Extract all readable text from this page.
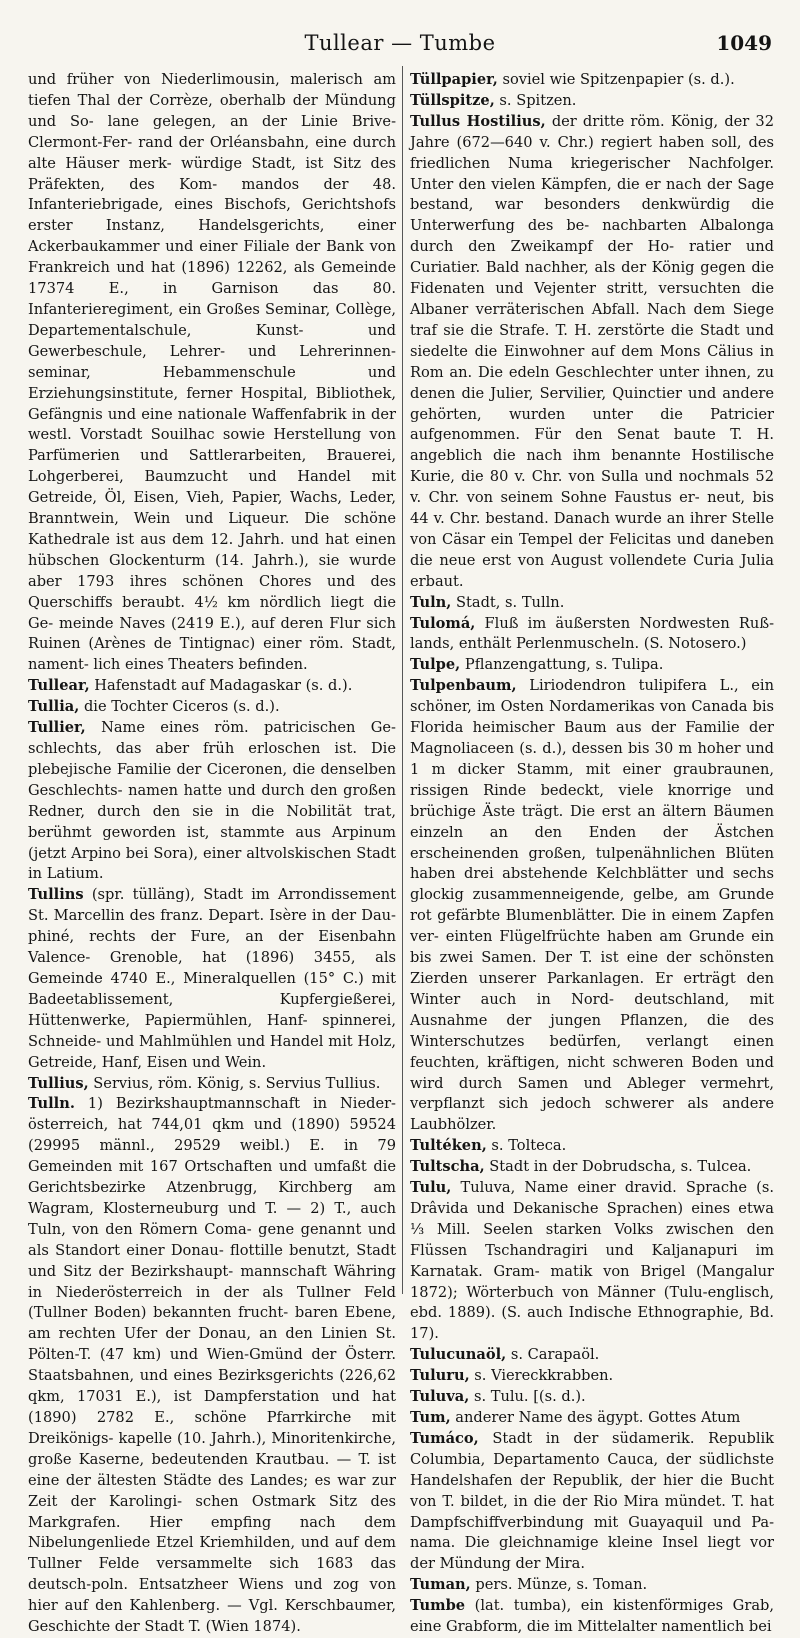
Tullear — Tumbe	1049

und früher von Niederlimousin, malerisch am tiefen Thal der Corrèze, oberhalb der Mündung und So- lane gelegen, an der Linie Brive-Clermont-Fer- rand der Orléansbahn, eine durch alte Häuser merk- würdige Stadt, ist Sitz des Präfekten, des Kom- mandos der 48. Infanteriebrigade, eines Bischofs, Gerichtshofs erster Instanz, Handelsgerichts, einer Ackerbaukammer und einer Filiale der Bank von Frankreich und hat (1896) 12262, als Gemeinde 17374 E., in Garnison das 80. Infanterieregiment, ein Großes Seminar, Collège, Departementalschule, Kunst- und Gewerbeschule, Lehrer- und Lehrerinnen- seminar, Hebammenschule und Erziehungsinstitute, ferner Hospital, Bibliothek, Gefängnis und eine nationale Waffenfabrik in der westl. Vorstadt Souilhac sowie Herstellung von Parfümerien und Sattlerarbeiten, Brauerei, Lohgerberei, Baumzucht und Handel mit Getreide, Öl, Eisen, Vieh, Papier, Wachs, Leder, Branntwein, Wein und Liqueur. Die schöne Kathedrale ist aus dem 12. Jahrh. und hat einen hübschen Glockenturm (14. Jahrh.), sie wurde aber 1793 ihres schönen Chores und des Querschiffs beraubt. 4½ km nördlich liegt die Ge- meinde Naves (2419 E.), auf deren Flur sich Ruinen (Arènes de Tintignac) einer röm. Stadt, nament- lich eines Theaters befinden.

Tullear, Hafenstadt auf Madagaskar (s. d.).

Tullia, die Tochter Ciceros (s. d.).

Tullier, Name eines röm. patricischen Ge- schlechts, das aber früh erloschen ist. Die plebejische Familie der Ciceronen, die denselben Geschlechts- namen hatte und durch den großen Redner, durch den sie in die Nobilität trat, berühmt geworden ist, stammte aus Arpinum (jetzt Arpino bei Sora), einer altvolskischen Stadt in Latium.

Tullins (spr. tülläng), Stadt im Arrondissement St. Marcellin des franz. Depart. Isère in der Dau- phiné, rechts der Fure, an der Eisenbahn Valence- Grenoble, hat (1896) 3455, als Gemeinde 4740 E., Mineralquellen (15° C.) mit Badeetablissement, Kupfergießerei, Hüttenwerke, Papiermühlen, Hanf- spinnerei, Schneide- und Mahlmühlen und Handel mit Holz, Getreide, Hanf, Eisen und Wein.

Tullius, Servius, röm. König, s. Servius Tullius.

Tulln. 1) Bezirkshauptmannschaft in Nieder- österreich, hat 744,01 qkm und (1890) 59524 (29995 männl., 29529 weibl.) E. in 79 Gemeinden mit 167 Ortschaften und umfaßt die Gerichtsbezirke Atzenbrugg, Kirchberg am Wagram, Klosterneuburg und T. — 2) T., auch Tuln, von den Römern Coma- gene genannt und als Standort einer Donau- flottille benutzt, Stadt und Sitz der Bezirkshaupt- mannschaft Währing in Niederösterreich in der als Tullner Feld (Tullner Boden) bekannten frucht- baren Ebene, am rechten Ufer der Donau, an den Linien St. Pölten-T. (47 km) und Wien-Gmünd der Österr. Staatsbahnen, und eines Bezirksgerichts (226,62 qkm, 17031 E.), ist Dampferstation und hat (1890) 2782 E., schöne Pfarrkirche mit Dreikönigs- kapelle (10. Jahrh.), Minoritenkirche, große Kaserne, bedeutenden Krautbau. — T. ist eine der ältesten Städte des Landes; es war zur Zeit der Karolingi- schen Ostmark Sitz des Markgrafen. Hier empfing nach dem Nibelungenliede Etzel Kriemhilden, und auf dem Tullner Felde versammelte sich 1683 das deutsch-poln. Entsatzheer Wiens und zog von hier auf den Kahlenberg. — Vgl. Kerschbaumer, Geschichte der Stadt T. (Wien 1874).

Tüllpapier, soviel wie Spitzenpapier (s. d.).

Tüllspitze, s. Spitzen.

Tullus Hostilius, der dritte röm. König, der 32 Jahre (672—640 v. Chr.) regiert haben soll, des friedlichen Numa kriegerischer Nachfolger. Unter den vielen Kämpfen, die er nach der Sage bestand, war besonders denkwürdig die Unterwerfung des be- nachbarten Albalonga durch den Zweikampf der Ho- ratier und Curiatier. Bald nachher, als der König gegen die Fidenaten und Vejenter stritt, versuchten die Albaner verräterischen Abfall. Nach dem Siege traf sie die Strafe. T. H. zerstörte die Stadt und siedelte die Einwohner auf dem Mons Cälius in Rom an. Die edeln Geschlechter unter ihnen, zu denen die Julier, Servilier, Quinctier und andere gehörten, wurden unter die Patricier aufgenommen. Für den Senat baute T. H. angeblich die nach ihm benannte Hostilische Kurie, die 80 v. Chr. von Sulla und nochmals 52 v. Chr. von seinem Sohne Faustus er- neut, bis 44 v. Chr. bestand. Danach wurde an ihrer Stelle von Cäsar ein Tempel der Felicitas und daneben die neue erst von August vollendete Curia Julia erbaut.

Tuln, Stadt, s. Tulln.

Tulomá, Fluß im äußersten Nordwesten Ruß- lands, enthält Perlenmuscheln. (S. Notosero.)

Tulpe, Pflanzengattung, s. Tulipa.

Tulpenbaum, Liriodendron tulipifera L., ein schöner, im Osten Nordamerikas von Canada bis Florida heimischer Baum aus der Familie der Magnoliaceen (s. d.), dessen bis 30 m hoher und 1 m dicker Stamm, mit einer graubraunen, rissigen Rinde bedeckt, viele knorrige und brüchige Äste trägt. Die erst an ältern Bäumen einzeln an den Enden der Ästchen erscheinenden großen, tulpenähnlichen Blüten haben drei abstehende Kelchblätter und sechs glockig zusammenneigende, gelbe, am Grunde rot gefärbte Blumenblätter. Die in einem Zapfen ver- einten Flügelfrüchte haben am Grunde ein bis zwei Samen. Der T. ist eine der schönsten Zierden unserer Parkanlagen. Er erträgt den Winter auch in Nord- deutschland, mit Ausnahme der jungen Pflanzen, die des Winterschutzes bedürfen, verlangt einen feuchten, kräftigen, nicht schweren Boden und wird durch Samen und Ableger vermehrt, verpflanzt sich jedoch schwerer als andere Laubhölzer.

Tultéken, s. Tolteca.

Tultscha, Stadt in der Dobrudscha, s. Tulcea.

Tulu, Tuluva, Name einer dravid. Sprache (s. Drâvida und Dekanische Sprachen) eines etwa ⅓ Mill. Seelen starken Volks zwischen den Flüssen Tschandragiri und Kaljanapuri im Karnatak. Gram- matik von Brigel (Mangalur 1872); Wörterbuch von Männer (Tulu-englisch, ebd. 1889). (S. auch Indische Ethnographie, Bd. 17).

Tulucunaöl, s. Carapaöl.

Tuluru, s. Viereckkrabben.

Tuluva, s. Tulu. [(s. d.).

Tum, anderer Name des ägypt. Gottes Atum

Tumáco, Stadt in der südamerik. Republik Columbia, Departamento Cauca, der südlichste Handelshafen der Republik, der hier die Bucht von T. bildet, in die der Rio Mira mündet. T. hat Dampfschiffverbindung mit Guayaquil und Pa- nama. Die gleichnamige kleine Insel liegt vor der Mündung der Mira.

Tuman, pers. Münze, s. Toman.

Tumbe (lat. tumba), ein kistenförmiges Grab, eine Grabform, die im Mittelalter namentlich bei
